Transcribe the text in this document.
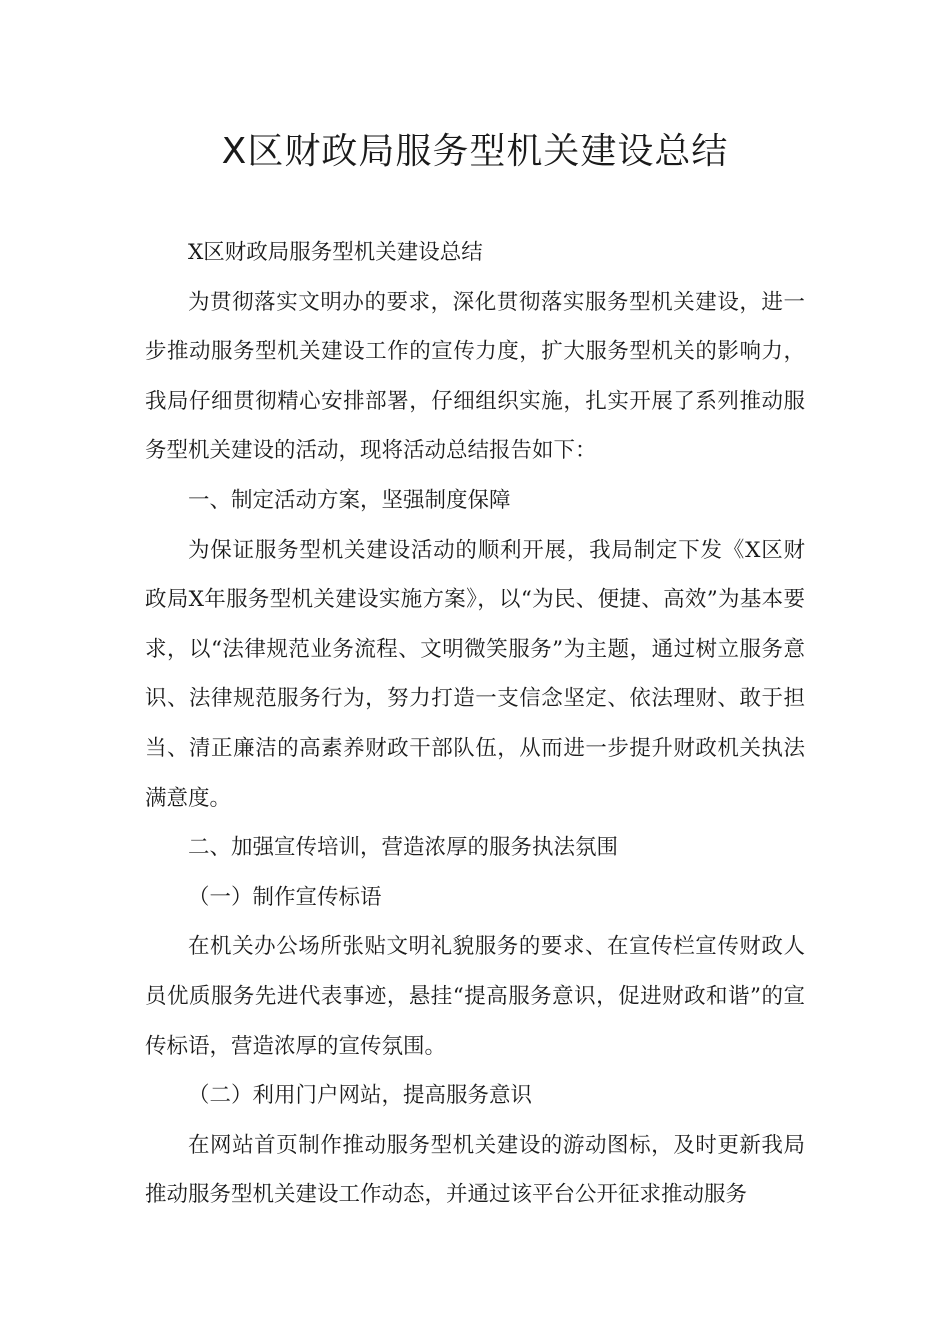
X区财政局服务型机关建设总结

X区财政局服务型机关建设总结

为贯彻落实文明办的要求，深化贯彻落实服务型机关建设，进一步推动服务型机关建设工作的宣传力度，扩大服务型机关的影响力，我局仔细贯彻精心安排部署，仔细组织实施，扎实开展了系列推动服务型机关建设的活动，现将活动总结报告如下：

一、制定活动方案，坚强制度保障

为保证服务型机关建设活动的顺利开展，我局制定下发《X区财政局X年服务型机关建设实施方案》，以“为民、便捷、高效”为基本要求，以“法律规范业务流程、文明微笑服务”为主题，通过树立服务意识、法律规范服务行为，努力打造一支信念坚定、依法理财、敢于担当、清正廉洁的高素养财政干部队伍，从而进一步提升财政机关执法满意度。

二、加强宣传培训，营造浓厚的服务执法氛围

（一）制作宣传标语

在机关办公场所张贴文明礼貌服务的要求、在宣传栏宣传财政人员优质服务先进代表事迹，悬挂“提高服务意识，促进财政和谐”的宣传标语，营造浓厚的宣传氛围。

（二）利用门户网站，提高服务意识

在网站首页制作推动服务型机关建设的游动图标，及时更新我局推动服务型机关建设工作动态，并通过该平台公开征求推动服务
